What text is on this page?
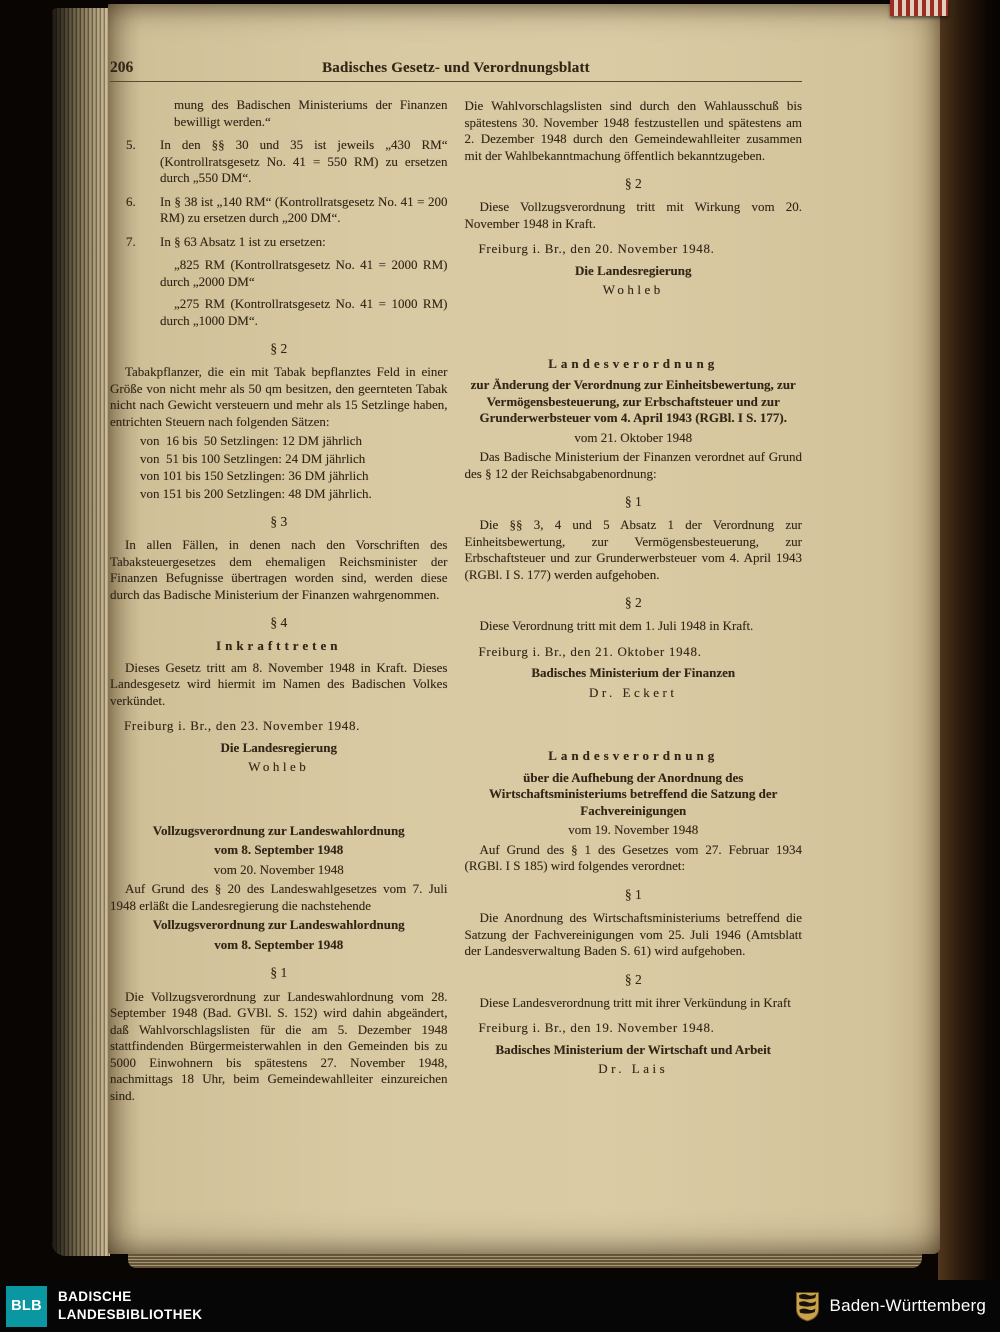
206	Badisches Gesetz- und Verordnungsblatt
mung des Badischen Ministeriums der Finanzen bewilligt werden.“
5. In den §§ 30 und 35 ist jeweils „430 RM“ (Kontrollratsgesetz No. 41 = 550 RM) zu ersetzen durch „550 DM“.
6. In § 38 ist „140 RM“ (Kontrollratsgesetz No. 41 = 200 RM) zu ersetzen durch „200 DM“.
7. In § 63 Absatz 1 ist zu ersetzen:
„825 RM (Kontrollratsgesetz No. 41 = 2000 RM) durch „2000 DM“
„275 RM (Kontrollratsgesetz No. 41 = 1000 RM) durch „1000 DM“.
§ 2
Tabakpflanzer, die ein mit Tabak bepflanztes Feld in einer Größe von nicht mehr als 50 qm besitzen, den geernteten Tabak nicht nach Gewicht versteuern und mehr als 15 Setzlinge haben, entrichten Steuern nach folgenden Sätzen:
von  16 bis  50 Setzlingen: 12 DM jährlich
von  51 bis 100 Setzlingen: 24 DM jährlich
von 101 bis 150 Setzlingen: 36 DM jährlich
von 151 bis 200 Setzlingen: 48 DM jährlich.
§ 3
In allen Fällen, in denen nach den Vorschriften des Tabaksteuergesetzes dem ehemaligen Reichsminister der Finanzen Befugnisse übertragen worden sind, werden diese durch das Badische Ministerium der Finanzen wahrgenommen.
§ 4
Inkrafttreten
Dieses Gesetz tritt am 8. November 1948 in Kraft. Dieses Landesgesetz wird hiermit im Namen des Badischen Volkes verkündet.
Freiburg i. Br., den 23. November 1948.
Die Landesregierung
Wohleb
Vollzugsverordnung zur Landeswahlordnung
vom 8. September 1948
vom 20. November 1948
Auf Grund des § 20 des Landeswahlgesetzes vom 7. Juli 1948 erläßt die Landesregierung die nachstehende
Vollzugsverordnung zur Landeswahlordnung
vom 8. September 1948
§ 1
Die Vollzugsverordnung zur Landeswahlordnung vom 28. September 1948 (Bad. GVBl. S. 152) wird dahin abgeändert, daß Wahlvorschlagslisten für die am 5. Dezember 1948 stattfindenden Bürgermeisterwahlen in den Gemeinden bis zu 5000 Einwohnern bis spätestens 27. November 1948, nachmittags 18 Uhr, beim Gemeindewahlleiter einzureichen sind.
Die Wahlvorschlagslisten sind durch den Wahlausschuß bis spätestens 30. November 1948 festzustellen und spätestens am 2. Dezember 1948 durch den Gemeindewahlleiter zusammen mit der Wahlbekanntmachung öffentlich bekanntzugeben.
§ 2
Diese Vollzugsverordnung tritt mit Wirkung vom 20. November 1948 in Kraft.
Freiburg i. Br., den 20. November 1948.
Die Landesregierung
Wohleb
Landesverordnung
zur Änderung der Verordnung zur Einheitsbewertung, zur Vermögensbesteuerung, zur Erbschaftsteuer und zur Grunderwerbsteuer vom 4. April 1943 (RGBl. I S. 177).
vom 21. Oktober 1948
Das Badische Ministerium der Finanzen verordnet auf Grund des § 12 der Reichsabgabenordnung:
§ 1
Die §§ 3, 4 und 5 Absatz 1 der Verordnung zur Einheitsbewertung, zur Vermögensbesteuerung, zur Erbschaftsteuer und zur Grunderwerbsteuer vom 4. April 1943 (RGBl. I S. 177) werden aufgehoben.
§ 2
Diese Verordnung tritt mit dem 1. Juli 1948 in Kraft.
Freiburg i. Br., den 21. Oktober 1948.
Badisches Ministerium der Finanzen
Dr. Eckert
Landesverordnung
über die Aufhebung der Anordnung des Wirtschaftsministeriums betreffend die Satzung der Fachvereinigungen
vom 19. November 1948
Auf Grund des § 1 des Gesetzes vom 27. Februar 1934 (RGBl. I S 185) wird folgendes verordnet:
§ 1
Die Anordnung des Wirtschaftsministeriums betreffend die Satzung der Fachvereinigungen vom 25. Juli 1946 (Amtsblatt der Landesverwaltung Baden S. 61) wird aufgehoben.
§ 2
Diese Landesverordnung tritt mit ihrer Verkündung in Kraft
Freiburg i. Br., den 19. November 1948.
Badisches Ministerium der Wirtschaft und Arbeit
Dr. Lais
BLB
BADISCHE
LANDESBIBLIOTHEK	Baden-Württemberg
